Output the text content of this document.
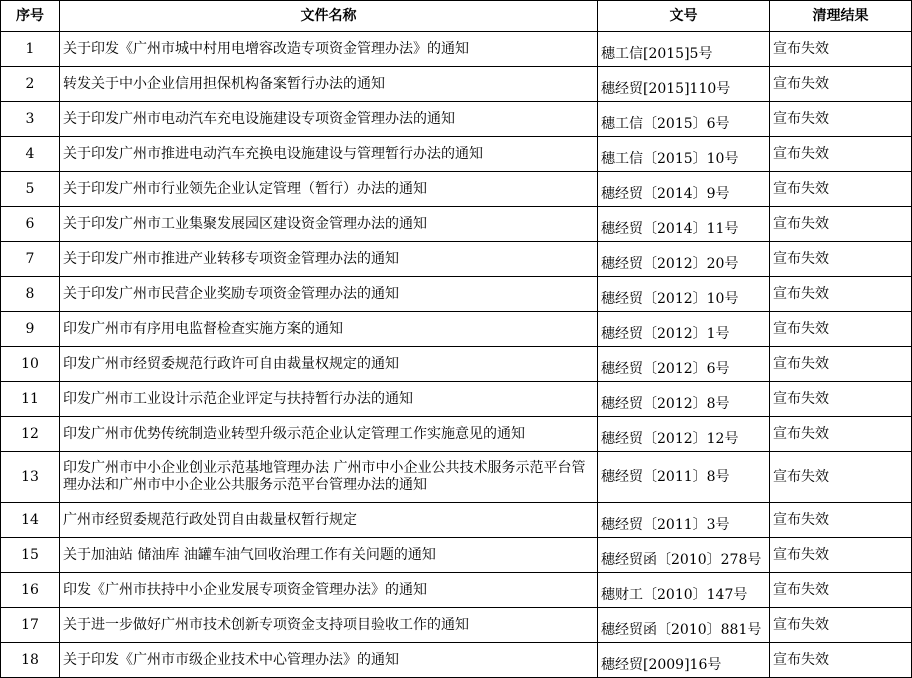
序号	文件名称	文号	清理结果
1	关于印发《广州市城中村用电增容改造专项资金管理办法》的通知	穗工信[2015]5号	宣布失效
2	转发关于中小企业信用担保机构备案暂行办法的通知	穗经贸[2015]110号	宣布失效
3	关于印发广州市电动汽车充电设施建设专项资金管理办法的通知	穗工信〔2015〕6号	宣布失效
4	关于印发广州市推进电动汽车充换电设施建设与管理暂行办法的通知	穗工信〔2015〕10号	宣布失效
5	关于印发广州市行业领先企业认定管理（暂行）办法的通知	穗经贸〔2014〕9号	宣布失效
6	关于印发广州市工业集聚发展园区建设资金管理办法的通知	穗经贸〔2014〕11号	宣布失效
7	关于印发广州市推进产业转移专项资金管理办法的通知	穗经贸〔2012〕20号	宣布失效
8	关于印发广州市民营企业奖励专项资金管理办法的通知	穗经贸〔2012〕10号	宣布失效
9	印发广州市有序用电监督检查实施方案的通知	穗经贸〔2012〕1号	宣布失效
10	印发广州市经贸委规范行政许可自由裁量权规定的通知	穗经贸〔2012〕6号	宣布失效
11	印发广州市工业设计示范企业评定与扶持暂行办法的通知	穗经贸〔2012〕8号	宣布失效
12	印发广州市优势传统制造业转型升级示范企业认定管理工作实施意见的通知	穗经贸〔2012〕12号	宣布失效
13	印发广州市中小企业创业示范基地管理办法 广州市中小企业公共技术服务示范平台管理办法和广州市中小企业公共服务示范平台管理办法的通知	穗经贸〔2011〕8号	宣布失效
14	广州市经贸委规范行政处罚自由裁量权暂行规定	穗经贸〔2011〕3号	宣布失效
15	关于加油站 储油库 油罐车油气回收治理工作有关问题的通知	穗经贸函〔2010〕278号	宣布失效
16	印发《广州市扶持中小企业发展专项资金管理办法》的通知	穗财工〔2010〕147号	宣布失效
17	关于进一步做好广州市技术创新专项资金支持项目验收工作的通知	穗经贸函〔2010〕881号	宣布失效
18	关于印发《广州市市级企业技术中心管理办法》的通知	穗经贸[2009]16号	宣布失效
